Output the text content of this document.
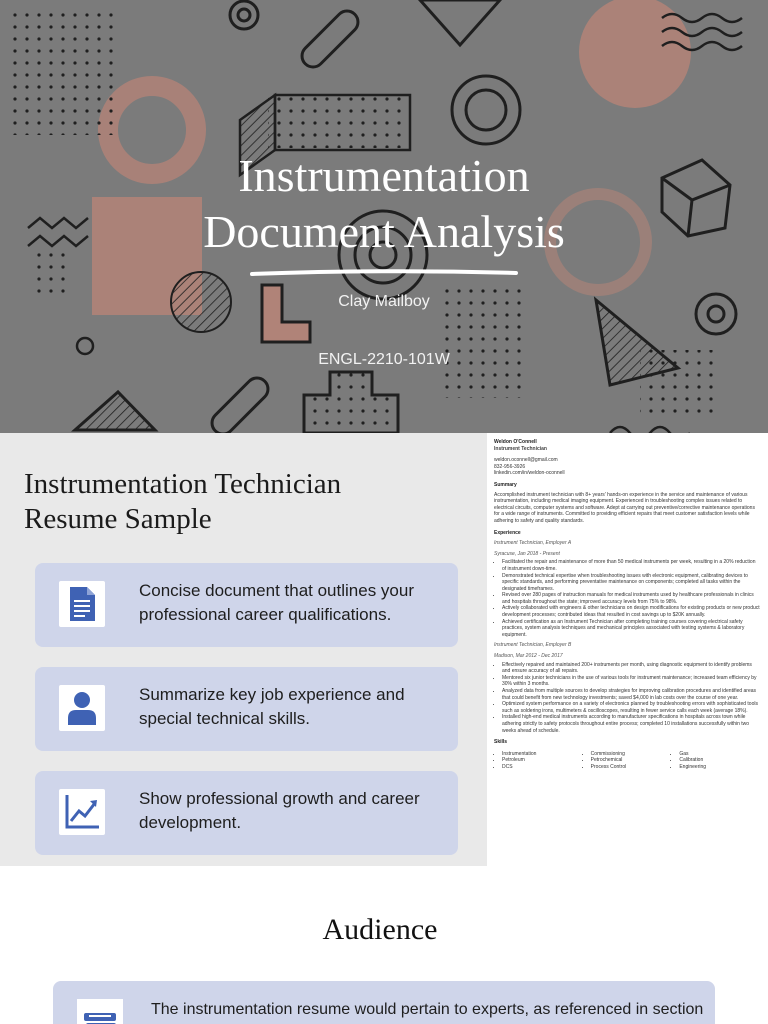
Instrumentation
Document Analysis
Clay Mailboy
ENGL-2210-101W
Instrumentation Technician
Resume Sample
Concise document that outlines your
professional career qualifications.
Summarize key job experience and
special technical skills.
Show professional growth and career
development.
Weldon O'Connell
Instrument Technician
weldon.oconnell@gmail.com
832-956-3926
linkedin.com/in/weldon-oconnell
Summary
Accomplished instrument technician with 8+ years' hands-on experience in the service and maintenance of various instrumentation, including medical imaging equipment. Experienced in troubleshooting complex issues related to electrical circuits, computer systems and software. Adept at carrying out preventive/corrective maintenance operations for a wide range of instruments. Committed to providing efficient repairs that meet customer satisfaction levels while adhering to safety and quality standards.
Experience
Instrument Technician, Employer A
Syracuse, Jan 2018 - Present
• Facilitated the repair and maintenance of more than 50 medical instruments per week, resulting in a 20% reduction of instrument down-time.
• Demonstrated technical expertise when troubleshooting issues with electronic equipment, calibrating devices to specific standards, and performing preventative maintenance on components; completed all tasks within the designated timeframes.
• Revised over 280 pages of instruction manuals for medical instruments used by healthcare professionals in clinics and hospitals throughout the state; improved accuracy levels from 75% to 98%.
• Actively collaborated with engineers & other technicians on design modifications for existing products or new product development processes; contributed ideas that resulted in cost savings up to $20K annually.
• Achieved certification as an Instrument Technician after completing training courses covering electrical safety practices, system analysis techniques and mechanical principles associated with testing systems & laboratory equipment.
Instrument Technician, Employer B
Madison, Mar 2012 - Dec 2017
• Effectively repaired and maintained 200+ instruments per month, using diagnostic equipment to identify problems and ensure accuracy of all repairs.
• Mentored six junior technicians in the use of various tools for instrument maintenance; increased team efficiency by 30% within 3 months.
• Analyzed data from multiple sources to develop strategies for improving calibration procedures and identified areas that could benefit from new technology investments; saved $4,000 in lab costs over the course of one year.
• Optimized system performance on a variety of electronics planned by troubleshooting errors with sophisticated tools such as soldering irons, multimeters & oscilloscopes, resulting in fewer service calls each week (average 18%).
• Installed high-end medical instruments according to manufacturer specifications in hospitals across town while adhering strictly to safety protocols throughout entire process; completed 10 installations successfully within two weeks ahead of schedule.
Skills
• Instrumentation
• Petroleum
• DCS
• Commissioning
• Petrochemical
• Process Control
• Gas
• Calibration
• Engineering
Audience
The instrumentation resume would pertain to experts, as referenced in section
